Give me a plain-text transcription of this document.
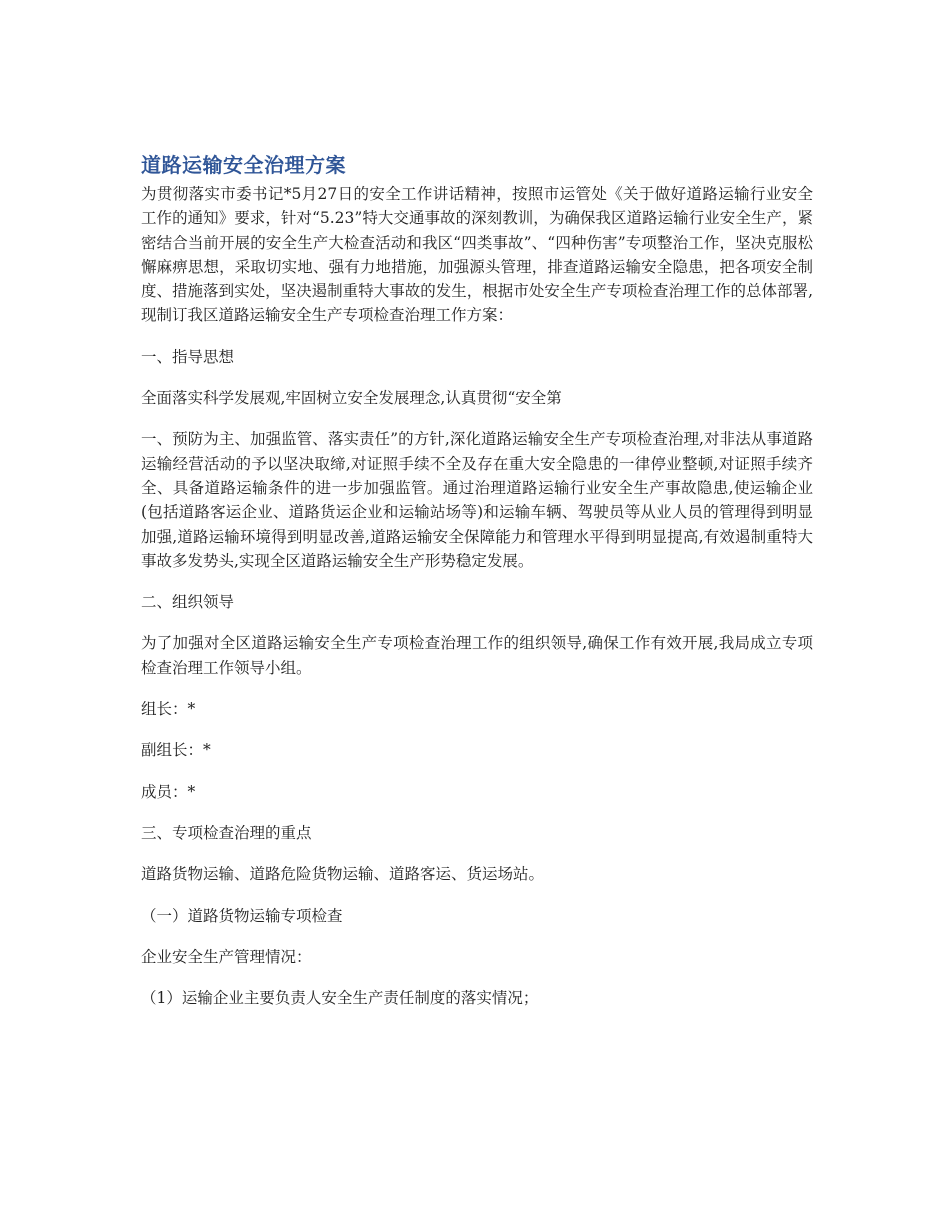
道路运输安全治理方案

为贯彻落实市委书记*5月27日的安全工作讲话精神，按照市运管处《关于做好道路运输行业安全工作的通知》要求，针对“5.23”特大交通事故的深刻教训，为确保我区道路运输行业安全生产，紧密结合当前开展的安全生产大检查活动和我区“四类事故”、“四种伤害”专项整治工作，坚决克服松懈麻痹思想，采取切实地、强有力地措施，加强源头管理，排查道路运输安全隐患，把各项安全制度、措施落到实处，坚决遏制重特大事故的发生，根据市处安全生产专项检查治理工作的总体部署,现制订我区道路运输安全生产专项检查治理工作方案：

一、指导思想

全面落实科学发展观,牢固树立安全发展理念,认真贯彻“安全第

一、预防为主、加强监管、落实责任”的方针,深化道路运输安全生产专项检查治理,对非法从事道路运输经营活动的予以坚决取缔,对证照手续不全及存在重大安全隐患的一律停业整顿,对证照手续齐全、具备道路运输条件的进一步加强监管。通过治理道路运输行业安全生产事故隐患,使运输企业(包括道路客运企业、道路货运企业和运输站场等)和运输车辆、驾驶员等从业人员的管理得到明显加强,道路运输环境得到明显改善,道路运输安全保障能力和管理水平得到明显提高,有效遏制重特大事故多发势头,实现全区道路运输安全生产形势稳定发展。

二、组织领导

为了加强对全区道路运输安全生产专项检查治理工作的组织领导,确保工作有效开展,我局成立专项检查治理工作领导小组。

组长：*

副组长：*

成员：*

三、专项检查治理的重点

道路货物运输、道路危险货物运输、道路客运、货运场站。

（一）道路货物运输专项检查

企业安全生产管理情况：

（1）运输企业主要负责人安全生产责任制度的落实情况；
